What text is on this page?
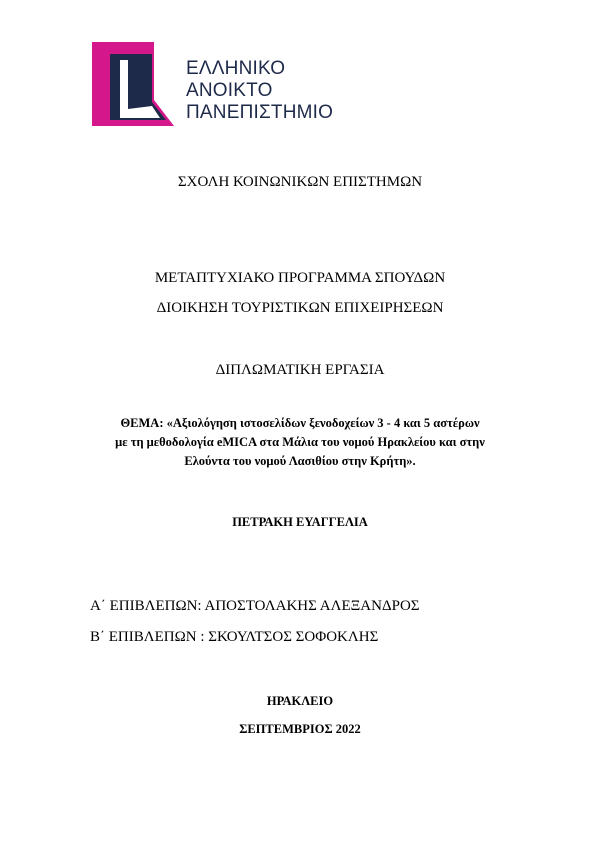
ΕΛΛΗΝΙΚΟ
ΑΝΟΙΚΤΟ
ΠΑΝΕΠΙΣΤΗΜΙΟ
ΣΧΟΛΗ ΚΟΙΝΩΝΙΚΩΝ ΕΠΙΣΤΗΜΩΝ
ΜΕΤΑΠΤΥΧΙΑΚΟ ΠΡΟΓΡΑΜΜΑ ΣΠΟΥΔΩΝ
ΔΙΟΙΚΗΣΗ ΤΟΥΡΙΣΤΙΚΩΝ ΕΠΙΧΕΙΡΗΣΕΩΝ
ΔΙΠΛΩΜΑΤΙΚΗ ΕΡΓΑΣΙΑ
ΘΕΜΑ: «Αξιολόγηση ιστοσελίδων ξενοδοχείων 3 - 4 και 5 αστέρων
με τη μεθοδολογία eMICA στα Μάλια του νομού Ηρακλείου και στην
Ελούντα του νομού Λασιθίου στην Κρήτη».
ΠΕΤΡΑΚΗ ΕΥΑΓΓΕΛΙΑ
Α΄ ΕΠΙΒΛΕΠΩΝ: ΑΠΟΣΤΟΛΑΚΗΣ ΑΛΕΞΑΝΔΡΟΣ
Β΄ ΕΠΙΒΛΕΠΩΝ : ΣΚΟΥΛΤΣΟΣ ΣΟΦΟΚΛΗΣ
ΗΡΑΚΛΕΙΟ
ΣΕΠΤΕΜΒΡΙΟΣ 2022
